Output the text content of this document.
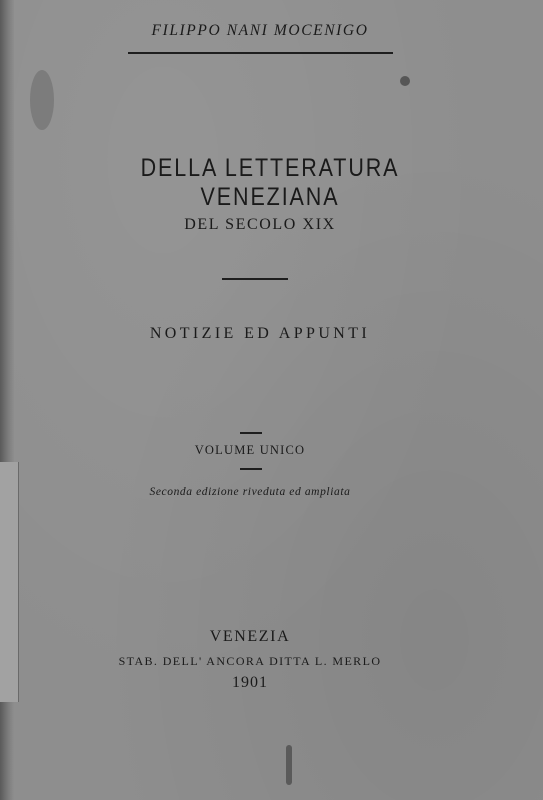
FILIPPO NANI MOCENIGO
DELLA LETTERATURA VENEZIANA
DEL SECOLO XIX
NOTIZIE ED APPUNTI
VOLUME UNICO
Seconda edizione riveduta ed ampliata
VENEZIA
STAB. DELL' ANCORA DITTA L. MERLO
1901
